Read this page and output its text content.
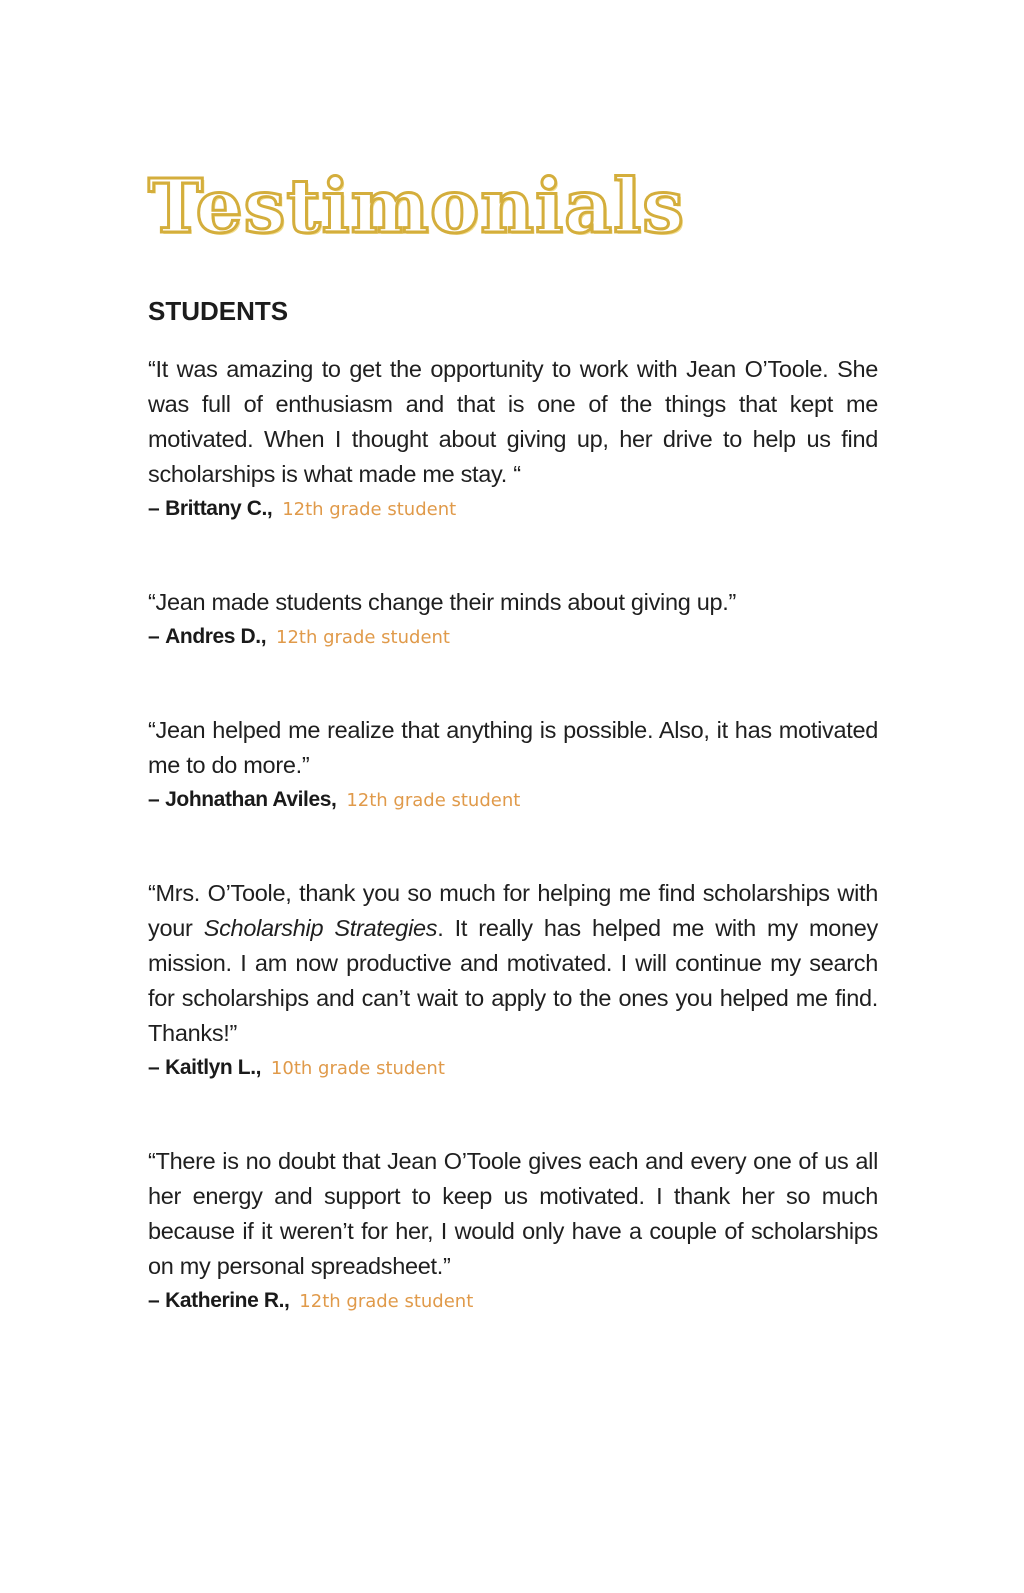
Testimonials
STUDENTS

“It was amazing to get the opportunity to work with Jean O’Toole. She was full of enthusiasm and that is one of the things that kept me motivated. When I thought about giving up, her drive to help us find scholarships is what made me stay. “

– Brittany C., 12th grade student

“Jean made students change their minds about giving up.”

– Andres D., 12th grade student

“Jean helped me realize that anything is possible. Also, it has motivated me to do more.”

– Johnathan Aviles, 12th grade student

“Mrs. O’Toole, thank you so much for helping me find scholarships with your Scholarship Strategies. It really has helped me with my money mission. I am now productive and motivated. I will continue my search for scholarships and can’t wait to apply to the ones you helped me find. Thanks!”

– Kaitlyn L., 10th grade student

“There is no doubt that Jean O’Toole gives each and every one of us all her energy and support to keep us motivated. I thank her so much because if it weren’t for her, I would only have a couple of scholarships on my personal spreadsheet.”

– Katherine R., 12th grade student
